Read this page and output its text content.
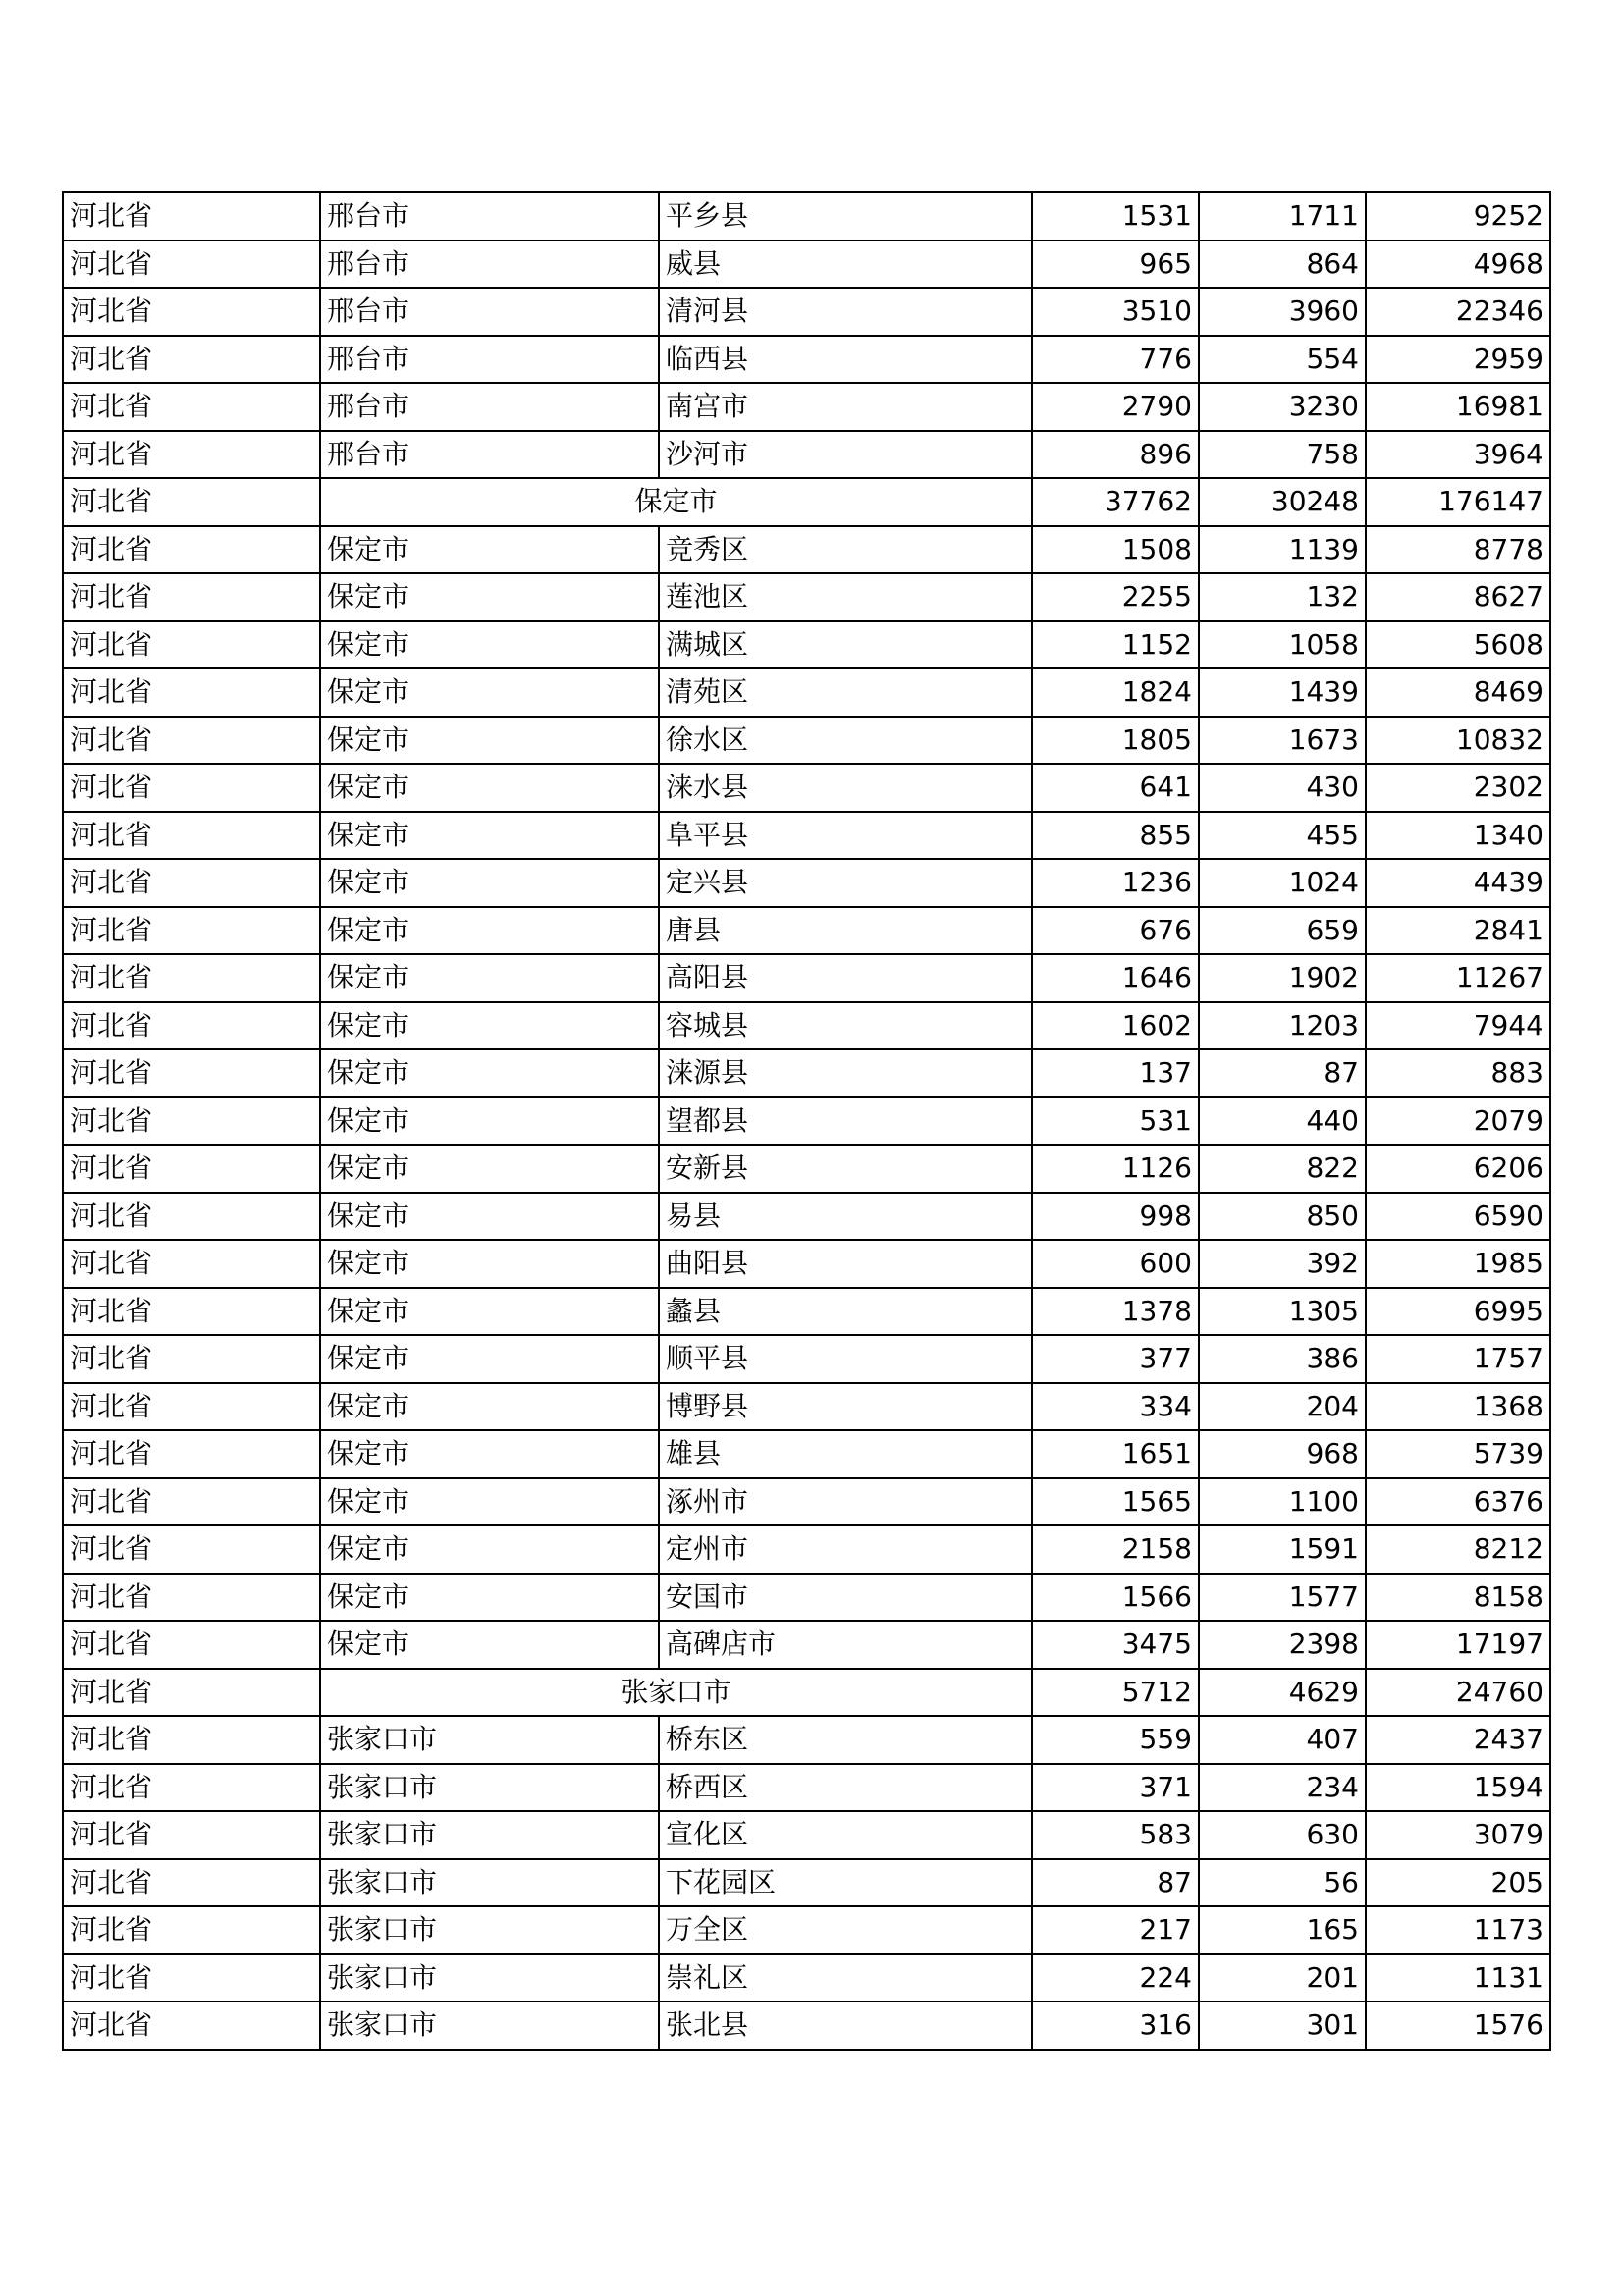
河北省	邢台市	平乡县	1531	1711	9252
河北省	邢台市	威县	965	864	4968
河北省	邢台市	清河县	3510	3960	22346
河北省	邢台市	临西县	776	554	2959
河北省	邢台市	南宫市	2790	3230	16981
河北省	邢台市	沙河市	896	758	3964
河北省	保定市		37762	30248	176147
河北省	保定市	竞秀区	1508	1139	8778
河北省	保定市	莲池区	2255	132	8627
河北省	保定市	满城区	1152	1058	5608
河北省	保定市	清苑区	1824	1439	8469
河北省	保定市	徐水区	1805	1673	10832
河北省	保定市	涞水县	641	430	2302
河北省	保定市	阜平县	855	455	1340
河北省	保定市	定兴县	1236	1024	4439
河北省	保定市	唐县	676	659	2841
河北省	保定市	高阳县	1646	1902	11267
河北省	保定市	容城县	1602	1203	7944
河北省	保定市	涞源县	137	87	883
河北省	保定市	望都县	531	440	2079
河北省	保定市	安新县	1126	822	6206
河北省	保定市	易县	998	850	6590
河北省	保定市	曲阳县	600	392	1985
河北省	保定市	蠡县	1378	1305	6995
河北省	保定市	顺平县	377	386	1757
河北省	保定市	博野县	334	204	1368
河北省	保定市	雄县	1651	968	5739
河北省	保定市	涿州市	1565	1100	6376
河北省	保定市	定州市	2158	1591	8212
河北省	保定市	安国市	1566	1577	8158
河北省	保定市	高碑店市	3475	2398	17197
河北省	张家口市		5712	4629	24760
河北省	张家口市	桥东区	559	407	2437
河北省	张家口市	桥西区	371	234	1594
河北省	张家口市	宣化区	583	630	3079
河北省	张家口市	下花园区	87	56	205
河北省	张家口市	万全区	217	165	1173
河北省	张家口市	崇礼区	224	201	1131
河北省	张家口市	张北县	316	301	1576
